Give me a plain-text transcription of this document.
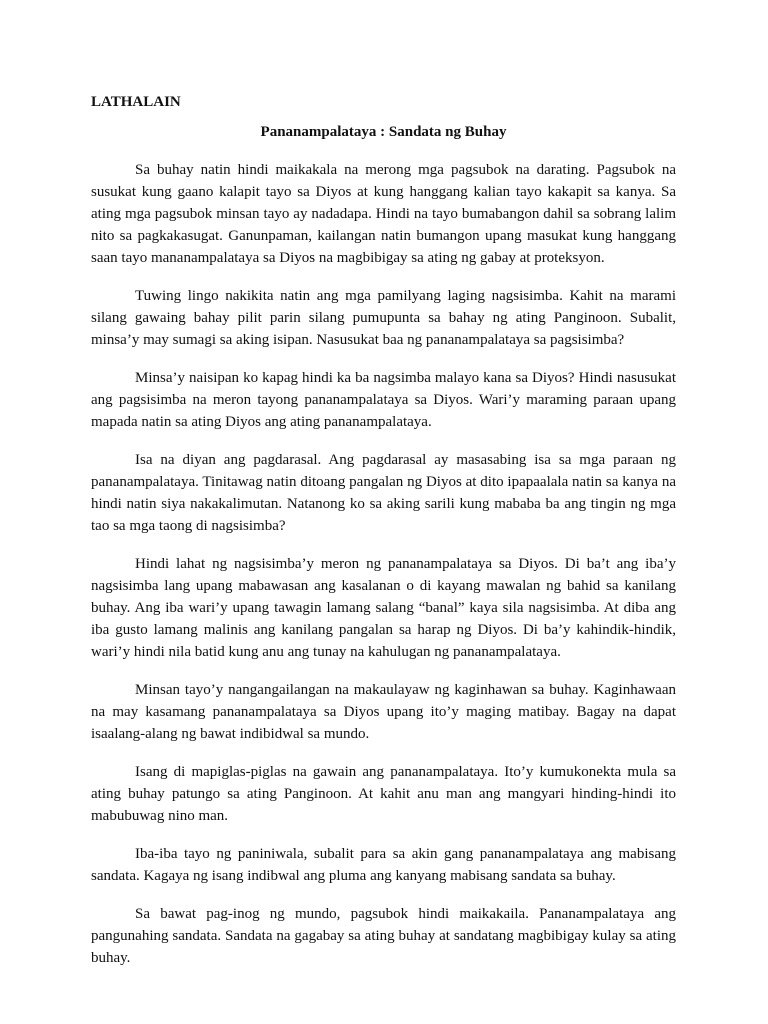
LATHALAIN

Pananampalataya : Sandata ng Buhay

Sa buhay natin hindi maikakala na merong mga pagsubok na darating. Pagsubok na susukat kung gaano kalapit tayo sa Diyos at kung hanggang kalian tayo kakapit sa kanya. Sa ating mga pagsubok minsan tayo ay nadadapa. Hindi na tayo bumabangon dahil sa sobrang lalim nito sa pagkakasugat. Ganunpaman, kailangan natin bumangon upang masukat kung hanggang saan tayo mananampalataya sa Diyos na magbibigay sa ating ng gabay at proteksyon.

Tuwing lingo nakikita natin ang mga pamilyang laging nagsisimba. Kahit na marami silang gawaing bahay pilit parin silang pumupunta sa bahay ng ating Panginoon. Subalit, minsa’y may sumagi sa aking isipan. Nasusukat baa ng pananampalataya sa pagsisimba?

Minsa’y naisipan ko kapag hindi ka ba nagsimba malayo kana sa Diyos? Hindi nasusukat ang pagsisimba na meron tayong pananampalataya sa Diyos. Wari’y maraming paraan upang mapada natin sa ating Diyos ang ating pananampalataya.

Isa na diyan ang pagdarasal. Ang pagdarasal ay masasabing isa sa mga paraan ng pananampalataya. Tinitawag natin ditoang pangalan ng Diyos at dito ipapaalala natin sa kanya na hindi natin siya nakakalimutan. Natanong ko sa aking sarili kung mababa ba ang tingin ng mga tao sa mga taong di nagsisimba?

Hindi lahat ng nagsisimba’y meron ng pananampalataya sa Diyos. Di ba’t ang iba’y nagsisimba lang upang mabawasan ang kasalanan o di kayang mawalan ng bahid sa kanilang buhay. Ang iba wari’y upang tawagin lamang salang “banal” kaya sila nagsisimba. At diba ang iba gusto lamang malinis ang kanilang pangalan sa harap ng Diyos. Di ba’y kahindik-hindik, wari’y hindi nila batid kung anu ang tunay na kahulugan ng pananampalataya.

Minsan tayo’y nangangailangan na makaulayaw ng kaginhawan sa buhay. Kaginhawaan na may kasamang pananampalataya sa Diyos upang ito’y maging matibay. Bagay na dapat isaalang-alang ng bawat indibidwal sa mundo.

Isang di mapiglas-piglas na gawain ang pananampalataya. Ito’y kumukonekta mula sa ating buhay patungo sa ating Panginoon. At kahit anu man ang mangyari hinding-hindi ito mabubuwag nino man.

Iba-iba tayo ng paniniwala, subalit para sa akin gang pananampalataya ang mabisang sandata. Kagaya ng isang indibwal ang pluma ang kanyang mabisang sandata sa buhay.

Sa bawat pag-inog ng mundo, pagsubok hindi maikakaila. Pananampalataya ang pangunahing sandata. Sandata na gagabay sa ating buhay at sandatang magbibigay kulay sa ating buhay.
